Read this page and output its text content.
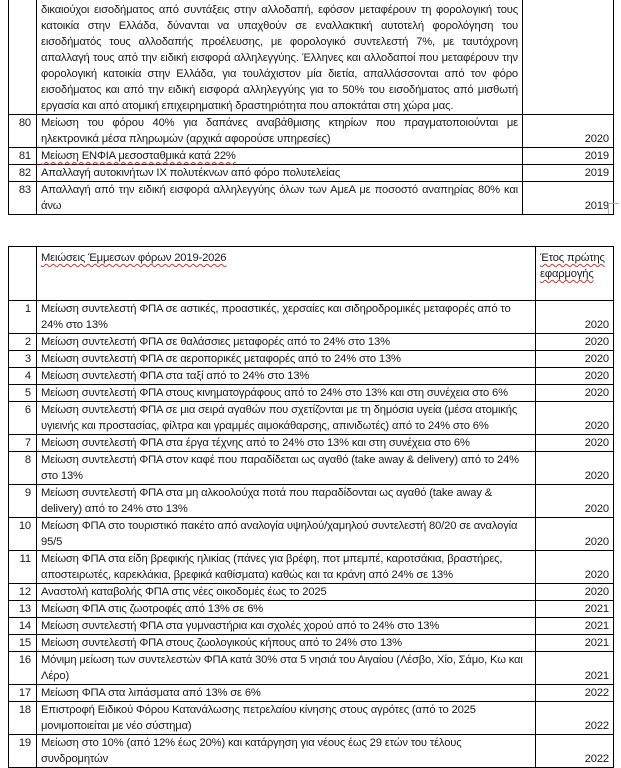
	δικαιούχοι εισοδήματος από συντάξεις στην αλλοδαπή, εφόσον μεταφέρουν τη φορολογική τους κατοικία στην Ελλάδα, δύνανται να υπαχθούν σε εναλλακτική αυτοτελή φορολόγηση του εισοδήματός τους αλλοδαπής προέλευσης, με φορολογικό συντελεστή 7%, με ταυτόχρονη απαλλαγή τους από την ειδική εισφορά αλληλεγγύης. Έλληνες και αλλοδαποί που μεταφέρουν την φορολογική κατοικία στην Ελλάδα, για τουλάχιστον μία διετία, απαλλάσσονται από τον φόρο εισοδήματος και από την ειδική εισφορά αλληλεγγύης για το 50% του εισοδήματος από μισθωτή εργασία και από ατομική επιχειρηματική δραστηριότητα που αποκτάται στη χώρα μας.	
80	Μείωση του φόρου 40% για δαπάνες αναβάθμισης κτηρίων που πραγματοποιούνται με ηλεκτρονικά μέσα πληρωμών (αρχικά αφορούσε υπηρεσίες)	2020
81	Μείωση ΕΝΦΙΑ μεσοσταθμικά κατά 22%	2019
82	Απαλλαγή αυτοκινήτων ΙΧ πολυτέκνων από φόρο πολυτελείας	2019
83	Απαλλαγή από την ειδική εισφορά αλληλεγγύης όλων των ΑμεΑ με ποσοστό αναπηρίας 80% και άνω	2019
	Μειώσεις Έμμεσων φόρων 2019-2026	Έτος πρώτης εφαρμογής
1	Μείωση συντελεστή ΦΠΑ σε αστικές, προαστικές, χερσαίες και σιδηροδρομικές μεταφορές από το 24% στο 13%	2020
2	Μείωση συντελεστή ΦΠΑ σε θαλάσσιες μεταφορές από το 24% στο 13%	2020
3	Μείωση συντελεστή ΦΠΑ σε αεροπορικές μεταφορές από το 24% στο 13%	2020
4	Μείωση συντελεστή ΦΠΑ στα ταξί από το 24% στο 13%	2020
5	Μείωση συντελεστή ΦΠΑ στους κινηματογράφους από το 24% στο 13% και στη συνέχεια στο 6%	2020
6	Μείωση συντελεστή ΦΠΑ σε μια σειρά αγαθών που σχετίζονται με τη δημόσια υγεία (μέσα ατομικής υγιεινής και προστασίας, φίλτρα και γραμμές αιμοκάθαρσης, απινιδωτές) από το 24% στο 6%	2020
7	Μείωση συντελεστή ΦΠΑ στα έργα τέχνης από το 24% στο 13% και στη συνέχεια στο 6%	2020
8	Μείωση συντελεστή ΦΠΑ στον καφέ που παραδίδεται ως αγαθό (take away & delivery) από το 24% στο 13%	2020
9	Μείωση συντελεστή ΦΠΑ στα μη αλκοολούχα ποτά που παραδίδονται ως αγαθό (take away & delivery) από το 24% στο 13%	2020
10	Μείωση ΦΠΑ στο τουριστικό πακέτο από αναλογία υψηλού/χαμηλού συντελεστή 80/20 σε αναλογία 95/5	2020
11	Μείωση ΦΠΑ στα είδη βρεφικής ηλικίας (πάνες για βρέφη, ποτ μπεμπέ, καροτσάκια, βραστήρες, αποστειρωτές, καρεκλάκια, βρεφικά καθίσματα) καθώς και τα κράνη από 24% σε 13%	2020
12	Αναστολή καταβολής ΦΠΑ στις νέες οικοδομές έως το 2025	2020
13	Μείωση ΦΠΑ στις ζωοτροφές από 13% σε 6%	2021
14	Μείωση συντελεστή ΦΠΑ στα γυμναστήρια και σχολές χορού από το 24% στο 13%	2021
15	Μείωση συντελεστή ΦΠΑ στους ζωολογικούς κήπους από το 24% στο 13%	2021
16	Μόνιμη μείωση των συντελεστών ΦΠΑ κατά 30% στα 5 νησιά του Αιγαίου (Λέσβο, Χίο, Σάμο, Κω και Λέρο)	2021
17	Μείωση ΦΠΑ στα λιπάσματα από 13% σε 6%	2022
18	Επιστροφή Ειδικού Φόρου Κατανάλωσης πετρελαίου κίνησης στους αγρότες (από το 2025 μονιμοποιείται με νέο σύστημα)	2022
19	Μείωση στο 10% (από 12% έως 20%) και κατάργηση για νέους έως 29 ετών του τέλους συνδρομητών	2022
